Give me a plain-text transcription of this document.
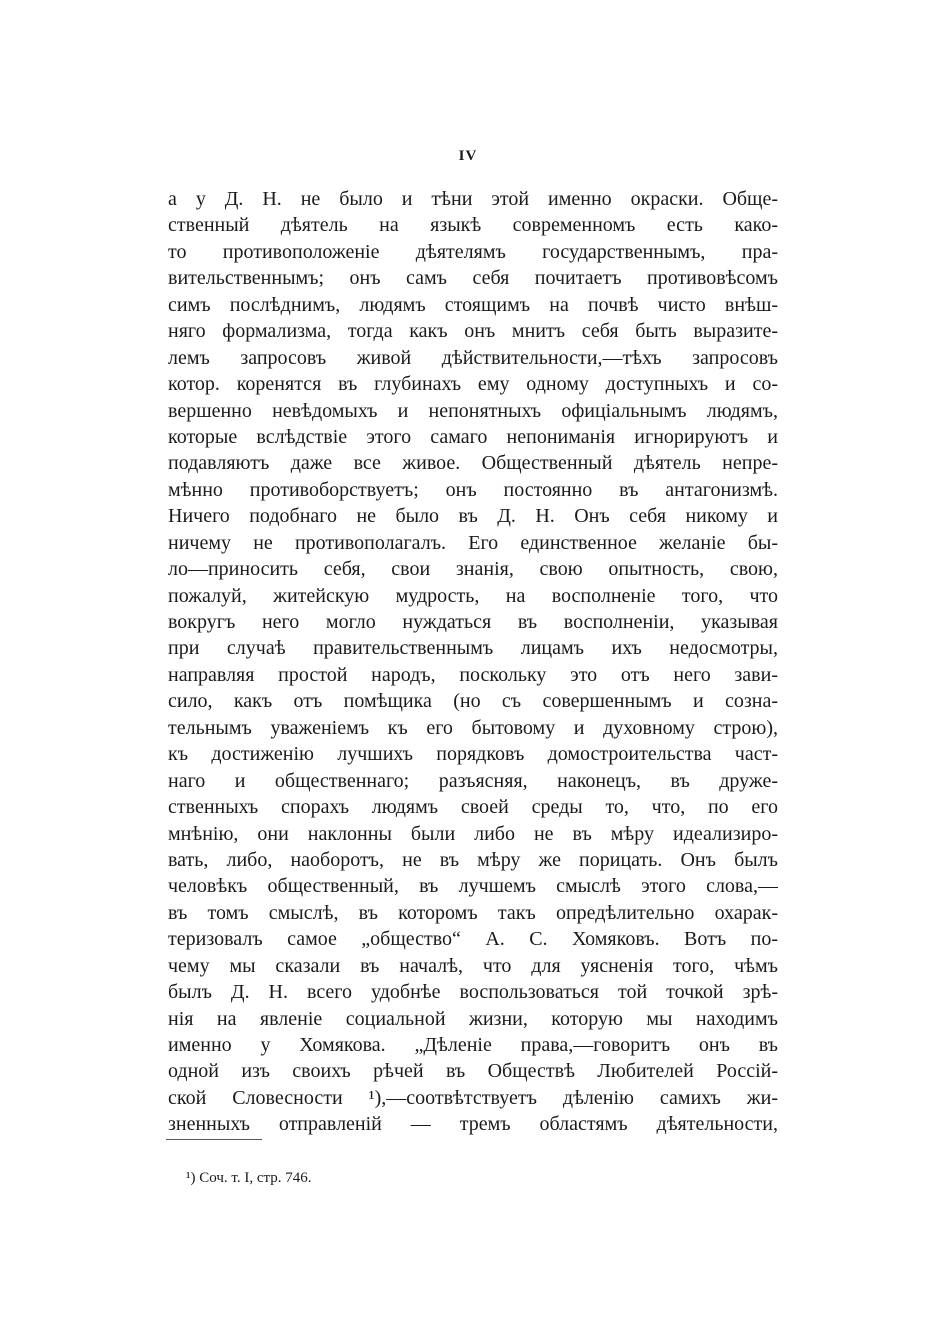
IV
а у Д. Н. не было и тѣни этой именно окраски. Обще-
ственный дѣятель на языкѣ современномъ есть како-
то противоположеніе дѣятелямъ государственнымъ, пра-
вительственнымъ; онъ самъ себя почитаетъ противовѣсомъ
симъ послѣднимъ, людямъ стоящимъ на почвѣ чисто внѣш-
няго формализма, тогда какъ онъ мнитъ себя быть выразите-
лемъ запросовъ живой дѣйствительности,—тѣхъ запросовъ
котор. коренятся въ глубинахъ ему одному доступныхъ и со-
вершенно невѣдомыхъ и непонятныхъ офиціальнымъ людямъ,
которые вслѣдствіе этого самаго непониманія игнорируютъ и
подавляютъ даже все живое. Общественный дѣятель непре-
мѣнно противоборствуетъ; онъ постоянно въ антагонизмѣ.
Ничего подобнаго не было въ Д. Н. Онъ себя никому и
ничему не противополагалъ. Его единственное желаніе бы-
ло—приносить себя, свои знанія, свою опытность, свою,
пожалуй, житейскую мудрость, на восполненіе того, что
вокругъ него могло нуждаться въ восполненіи, указывая
при случаѣ правительственнымъ лицамъ ихъ недосмотры,
направляя простой народъ, поскольку это отъ него зави-
сило, какъ отъ помѣщика (но съ совершеннымъ и созна-
тельнымъ уваженіемъ къ его бытовому и духовному строю),
къ достиженію лучшихъ порядковъ домостроительства част-
наго и общественнаго; разъясняя, наконецъ, въ друже-
ственныхъ спорахъ людямъ своей среды то, что, по его
мнѣнію, они наклонны были либо не въ мѣру идеализиро-
вать, либо, наоборотъ, не въ мѣру же порицать. Онъ былъ
человѣкъ общественный, въ лучшемъ смыслѣ этого слова,—
въ томъ смыслѣ, въ которомъ такъ опредѣлительно охарак-
теризовалъ самое „общество“ А. С. Хомяковъ. Вотъ по-
чему мы сказали въ началѣ, что для уясненія того, чѣмъ
былъ Д. Н. всего удобнѣе воспользоваться той точкой зрѣ-
нія на явленіе социальной жизни, которую мы находимъ
именно у Хомякова. „Дѣленіе права,—говоритъ онъ въ
одной изъ своихъ рѣчей въ Обществѣ Любителей Россій-
ской Словесности ¹),—соотвѣтствуетъ дѣленію самихъ жи-
зненныхъ отправленій — тремъ областямъ дѣятельности,
¹) Соч. т. I, стр. 746.
